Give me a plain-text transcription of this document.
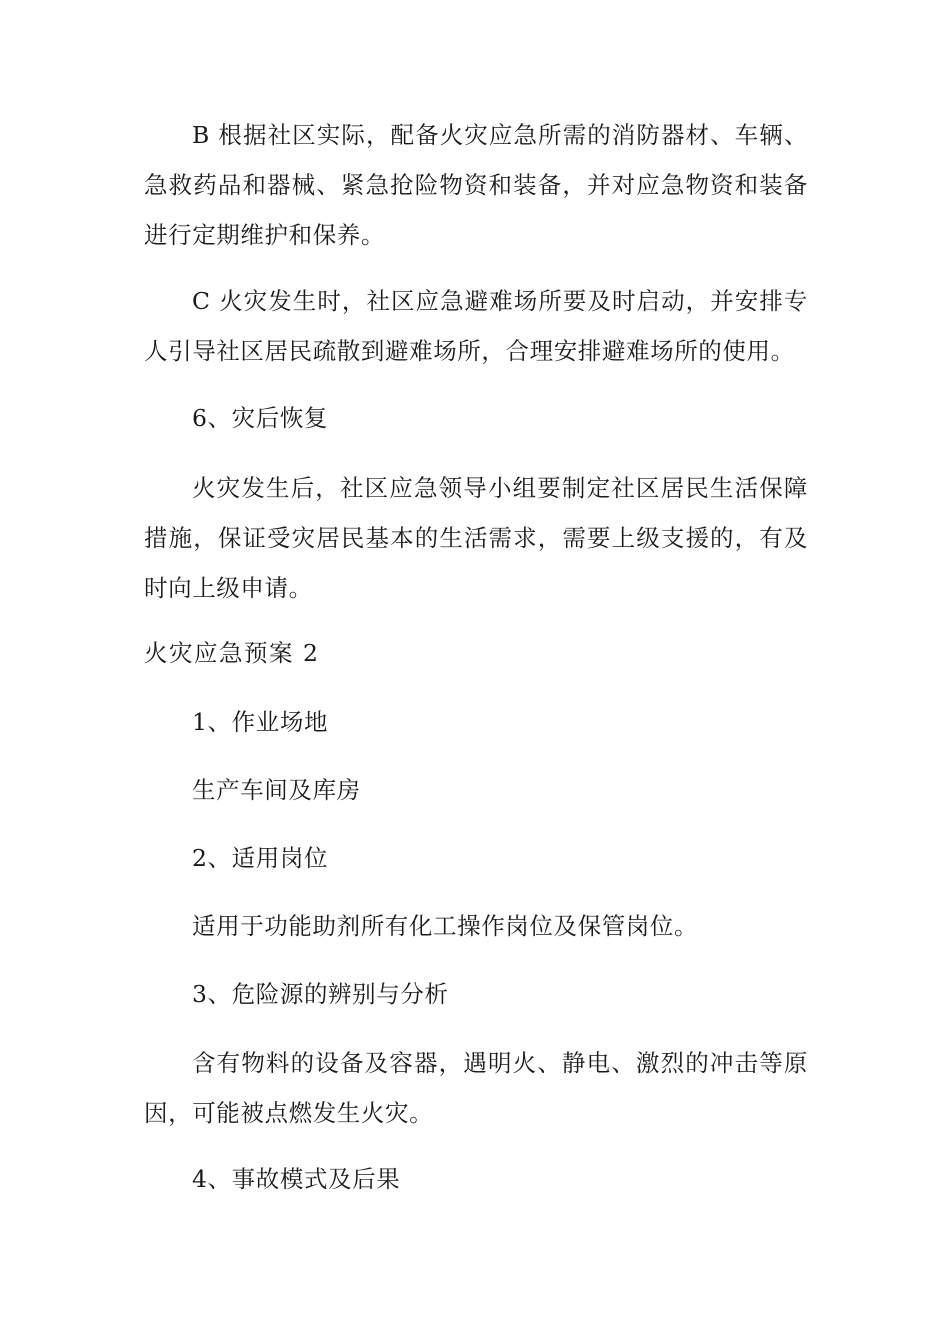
B 根据社区实际，配备火灾应急所需的消防器材、车辆、急救药品和器械、紧急抢险物资和装备，并对应急物资和装备进行定期维护和保养。

C 火灾发生时，社区应急避难场所要及时启动，并安排专人引导社区居民疏散到避难场所，合理安排避难场所的使用。

6、灾后恢复

火灾发生后，社区应急领导小组要制定社区居民生活保障措施，保证受灾居民基本的生活需求，需要上级支援的，有及时向上级申请。

火灾应急预案 2

1、作业场地

生产车间及库房

2、适用岗位

适用于功能助剂所有化工操作岗位及保管岗位。

3、危险源的辨别与分析

含有物料的设备及容器，遇明火、静电、激烈的冲击等原因，可能被点燃发生火灾。

4、事故模式及后果
